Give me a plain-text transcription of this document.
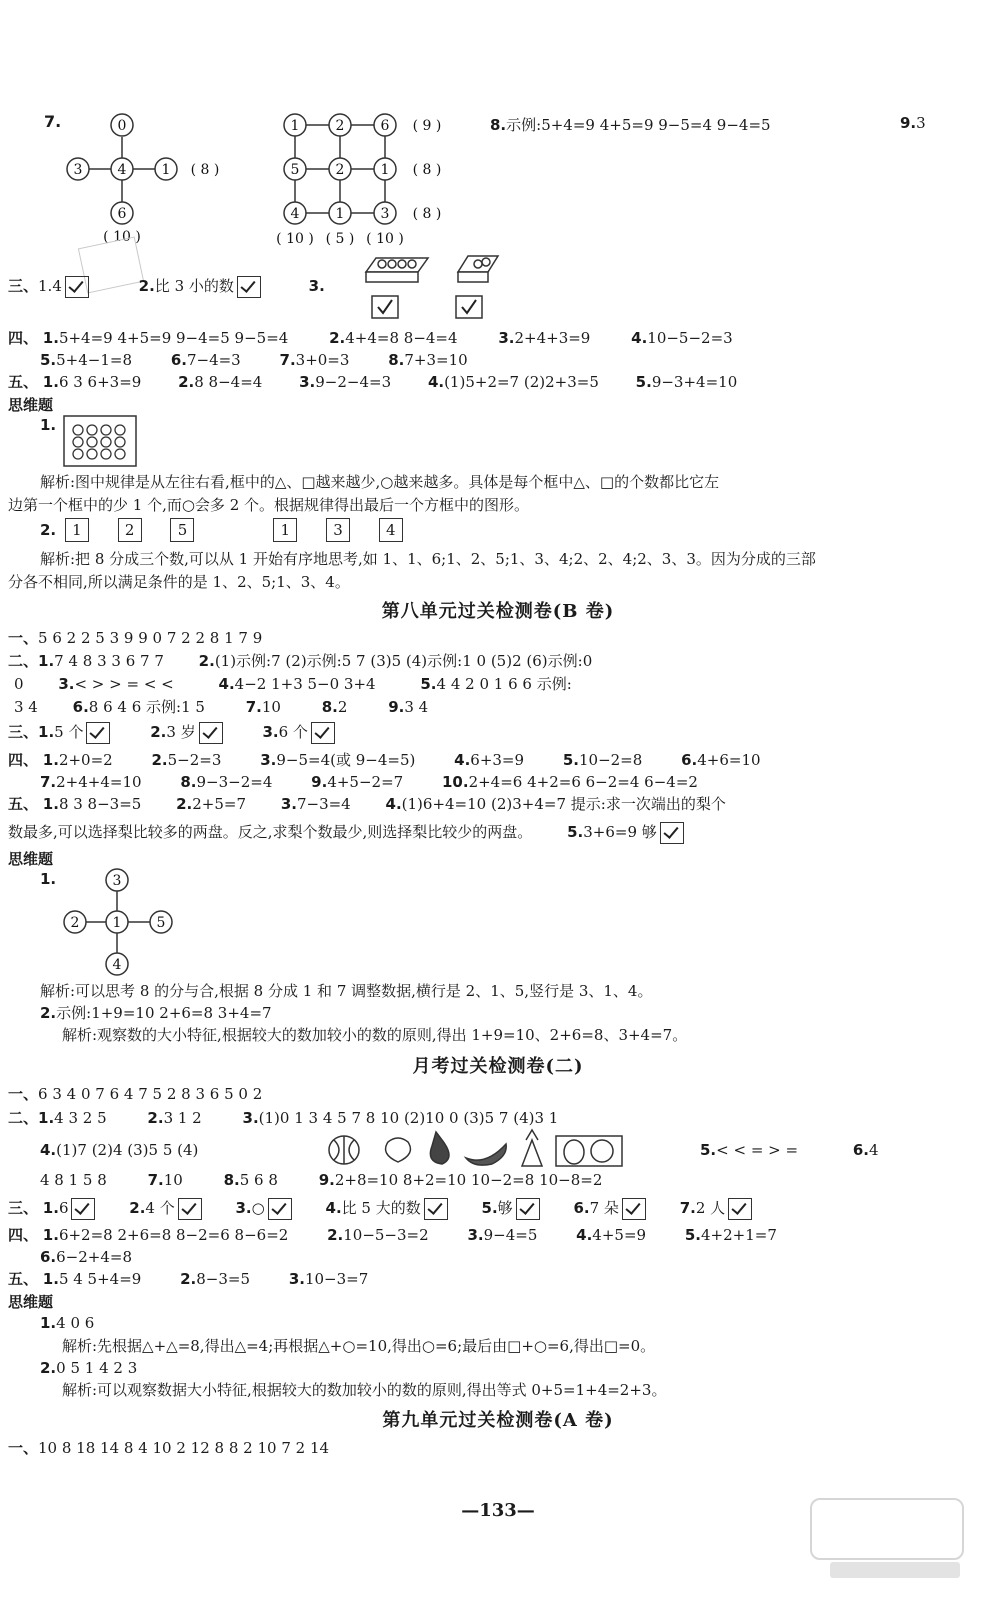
7.	0
3	4	1
6
( 8 )
( 10 )
1	2	6
5	2	1
4	1	3
( 9 )
( 8 )
( 8 )
( 10 ) ( 5 ) ( 10 )
8.示例:5+4=9 4+5=9 9−5=4 9−4=5	9.3
三、1.4	2.比 3 小的数	3.
四、 1.5+4=9 4+5=9 9−4=5 9−5=4	2.4+4=8 8−4=4	3.2+4+3=9	4.10−5−2=3
5.5+4−1=8	6.7−4=3	7.3+0=3	8.7+3=10
五、 1.6 3 6+3=9 2.8 8−4=4 3.9−2−4=3 4.(1)5+2=7 (2)2+3=5 5.9−3+4=10
思维题
1.
解析:图中规律是从左往右看,框中的△、□越来越少,○越来越多。具体是每个框中△、□的个数都比它左
边第一个框中的少 1 个,而○会多 2 个。根据规律得出最后一个方框中的图形。
2. 1	2	5	1	3	4
解析:把 8 分成三个数,可以从 1 开始有序地思考,如 1、1、6;1、2、5;1、3、4;2、2、4;2、3、3。因为分成的三部
分各不相同,所以满足条件的是 1、2、5;1、3、4。
第八单元过关检测卷(B 卷)
一、5 6 2 2 5 3 9 9 0 7 2 2 8 1 7 9
二、1.7 4 8 3 3 6 7 7 2.(1)示例:7 (2)示例:5 7 (3)5 (4)示例:1 0 (5)2 (6)示例:0
0 3.< > > = < <	4.4−2 1+3 5−0 3+4	5.4 4 2 0 1 6 6 示例:
3 4 6.8 6 4 6 示例:1 5	7.10	8.2	9.3 4
三、1.5 个	2.3 岁	3.6 个
四、 1.2+0=2	2.5−2=3	3.9−5=4(或 9−4=5)	4.6+3=9	5.10−2=8	6.4+6=10
7.2+4+4=10	8.9−3−2=4	9.4+5−2=7	10.2+4=6 4+2=6 6−2=4 6−4=2
五、 1.8 3 8−3=5 2.2+5=7 3.7−3=4 4.(1)6+4=10 (2)3+4=7 提示:求一次端出的梨个
数最多,可以选择梨比较多的两盘。反之,求梨个数最少,则选择梨比较少的两盘。 5.3+6=9 够
思维题
1.	3
2 1	5
4
解析:可以思考 8 的分与合,根据 8 分成 1 和 7 调整数据,横行是 2、1、5,竖行是 3、1、4。
2.示例:1+9=10 2+6=8 3+4=7
解析:观察数的大小特征,根据较大的数加较小的数的原则,得出 1+9=10、2+6=8、3+4=7。
月考过关检测卷(二)
一、6 3 4 0 7 6 4 7 5 2 8 3 6 5 0 2
二、1.4 3 2 5	2.3 1 2	3.(1)0 1 3 4 5 7 8 10 (2)10 0 (3)5 7 (4)3 1
4.(1)7 (2)4 (3)5 5 (4)	5.< < = > =	6.4
4 8 1 5 8	7.10	8.5 6 8	9.2+8=10 8+2=10 10−2=8 10−8=2
三、 1.6	2.4 个	3.○	4.比 5 大的数	5.够	6.7 朵	7.2 人
四、 1.6+2=8 2+6=8 8−2=6 8−6=2	2.10−5−3=2	3.9−4=5	4.4+5=9	5.4+2+1=7
6.6−2+4=8
五、 1.5 4 5+4=9	2.8−3=5	3.10−3=7
思维题
1.4 0 6
解析:先根据△+△=8,得出△=4;再根据△+○=10,得出○=6;最后由□+○=6,得出□=0。
2.0 5 1 4 2 3
解析:可以观察数据大小特征,根据较大的数加较小的数的原则,得出等式 0+5=1+4=2+3。
第九单元过关检测卷(A 卷)
一、10 8 18 14 8 4 10 2 12 8 8 2 10 7 2 14
—133—
